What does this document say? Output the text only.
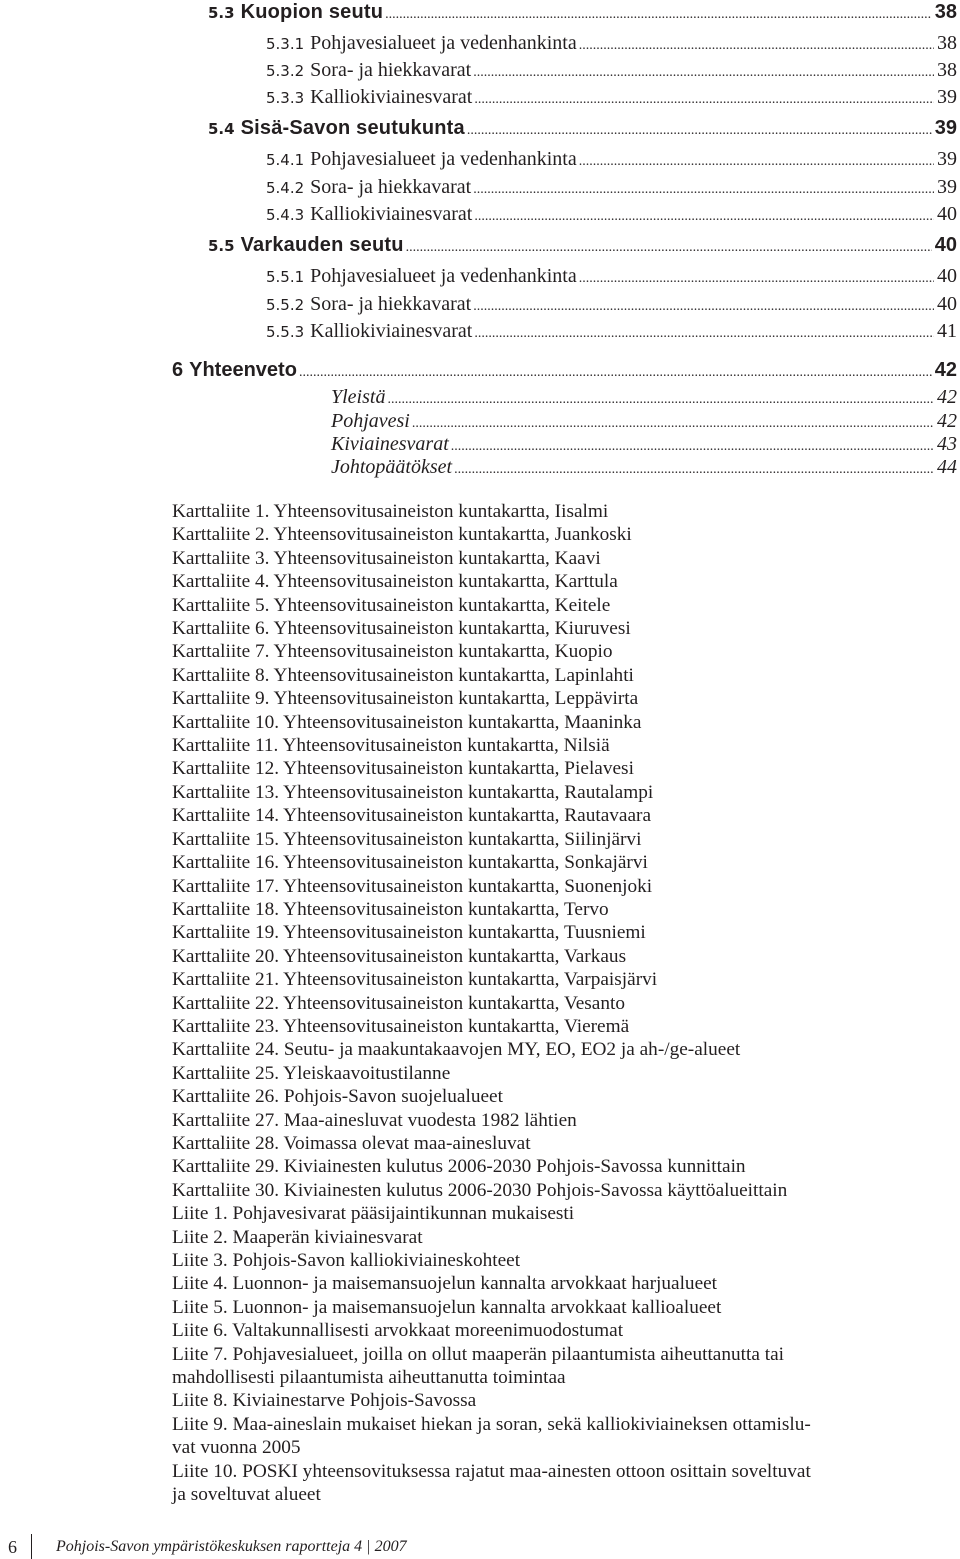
5.3 Kuopion seutu .....	38
5.3.1 Pohjavesialueet ja vedenhankinta .....	38
5.3.2 Sora- ja hiekkavarat .....	38
5.3.3 Kalliokiviainesvarat .....	39
5.4 Sisä-Savon seutukunta .....	39
5.4.1 Pohjavesialueet ja vedenhankinta .....	39
5.4.2 Sora- ja hiekkavarat .....	39
5.4.3 Kalliokiviainesvarat .....	40
5.5 Varkauden seutu .....	40
5.5.1 Pohjavesialueet ja vedenhankinta .....	40
5.5.2 Sora- ja hiekkavarat .....	40
5.5.3 Kalliokiviainesvarat .....	41
6 Yhteenveto .....	42
Yleistä .....	42
Pohjavesi .....	42
Kiviainesvarat .....	43
Johtopäätökset .....	44
Karttaliite 1. Yhteensovitusaineiston kuntakartta, Iisalmi
Karttaliite 2. Yhteensovitusaineiston kuntakartta, Juankoski
Karttaliite 3. Yhteensovitusaineiston kuntakartta, Kaavi
Karttaliite 4. Yhteensovitusaineiston kuntakartta, Karttula
Karttaliite 5. Yhteensovitusaineiston kuntakartta, Keitele
Karttaliite 6. Yhteensovitusaineiston kuntakartta, Kiuruvesi
Karttaliite 7. Yhteensovitusaineiston kuntakartta, Kuopio
Karttaliite 8. Yhteensovitusaineiston kuntakartta, Lapinlahti
Karttaliite 9. Yhteensovitusaineiston kuntakartta, Leppävirta
Karttaliite 10. Yhteensovitusaineiston kuntakartta, Maaninka
Karttaliite 11. Yhteensovitusaineiston kuntakartta, Nilsiä
Karttaliite 12. Yhteensovitusaineiston kuntakartta, Pielavesi
Karttaliite 13. Yhteensovitusaineiston kuntakartta, Rautalampi
Karttaliite 14. Yhteensovitusaineiston kuntakartta, Rautavaara
Karttaliite 15. Yhteensovitusaineiston kuntakartta, Siilinjärvi
Karttaliite 16. Yhteensovitusaineiston kuntakartta, Sonkajärvi
Karttaliite 17. Yhteensovitusaineiston kuntakartta, Suonenjoki
Karttaliite 18. Yhteensovitusaineiston kuntakartta, Tervo
Karttaliite 19. Yhteensovitusaineiston kuntakartta, Tuusniemi
Karttaliite 20. Yhteensovitusaineiston kuntakartta, Varkaus
Karttaliite 21. Yhteensovitusaineiston kuntakartta, Varpaisjärvi
Karttaliite 22. Yhteensovitusaineiston kuntakartta, Vesanto
Karttaliite 23. Yhteensovitusaineiston kuntakartta, Vieremä
Karttaliite 24. Seutu- ja maakuntakaavojen MY, EO, EO2 ja ah-/ge-alueet
Karttaliite 25. Yleiskaavoitustilanne
Karttaliite 26. Pohjois-Savon suojelualueet
Karttaliite 27. Maa-ainesluvat vuodesta 1982 lähtien
Karttaliite 28. Voimassa olevat maa-ainesluvat
Karttaliite 29. Kiviainesten kulutus 2006-2030 Pohjois-Savossa kunnittain
Karttaliite 30. Kiviainesten kulutus 2006-2030 Pohjois-Savossa käyttöalueittain
Liite 1. Pohjavesivarat pääsijaintikunnan mukaisesti
Liite 2. Maaperän kiviainesvarat
Liite 3. Pohjois-Savon kalliokiviaineskohteet
Liite 4. Luonnon- ja maisemansuojelun kannalta arvokkaat harjualueet
Liite 5. Luonnon- ja maisemansuojelun kannalta arvokkaat kallioalueet
Liite 6. Valtakunnallisesti arvokkaat moreenimuodostumat
Liite 7. Pohjavesialueet, joilla on ollut maaperän pilaantumista aiheuttanutta tai
mahdollisesti pilaantumista aiheuttanutta toimintaa
Liite 8. Kiviainestarve Pohjois-Savossa
Liite 9. Maa-aineslain mukaiset hiekan ja soran, sekä kalliokiviaineksen ottamislu-
vat vuonna 2005
Liite 10. POSKI yhteensovituksessa rajatut maa-ainesten ottoon osittain soveltuvat
ja soveltuvat alueet
6 Pohjois-Savon ympäristökeskuksen raportteja 4 | 2007
